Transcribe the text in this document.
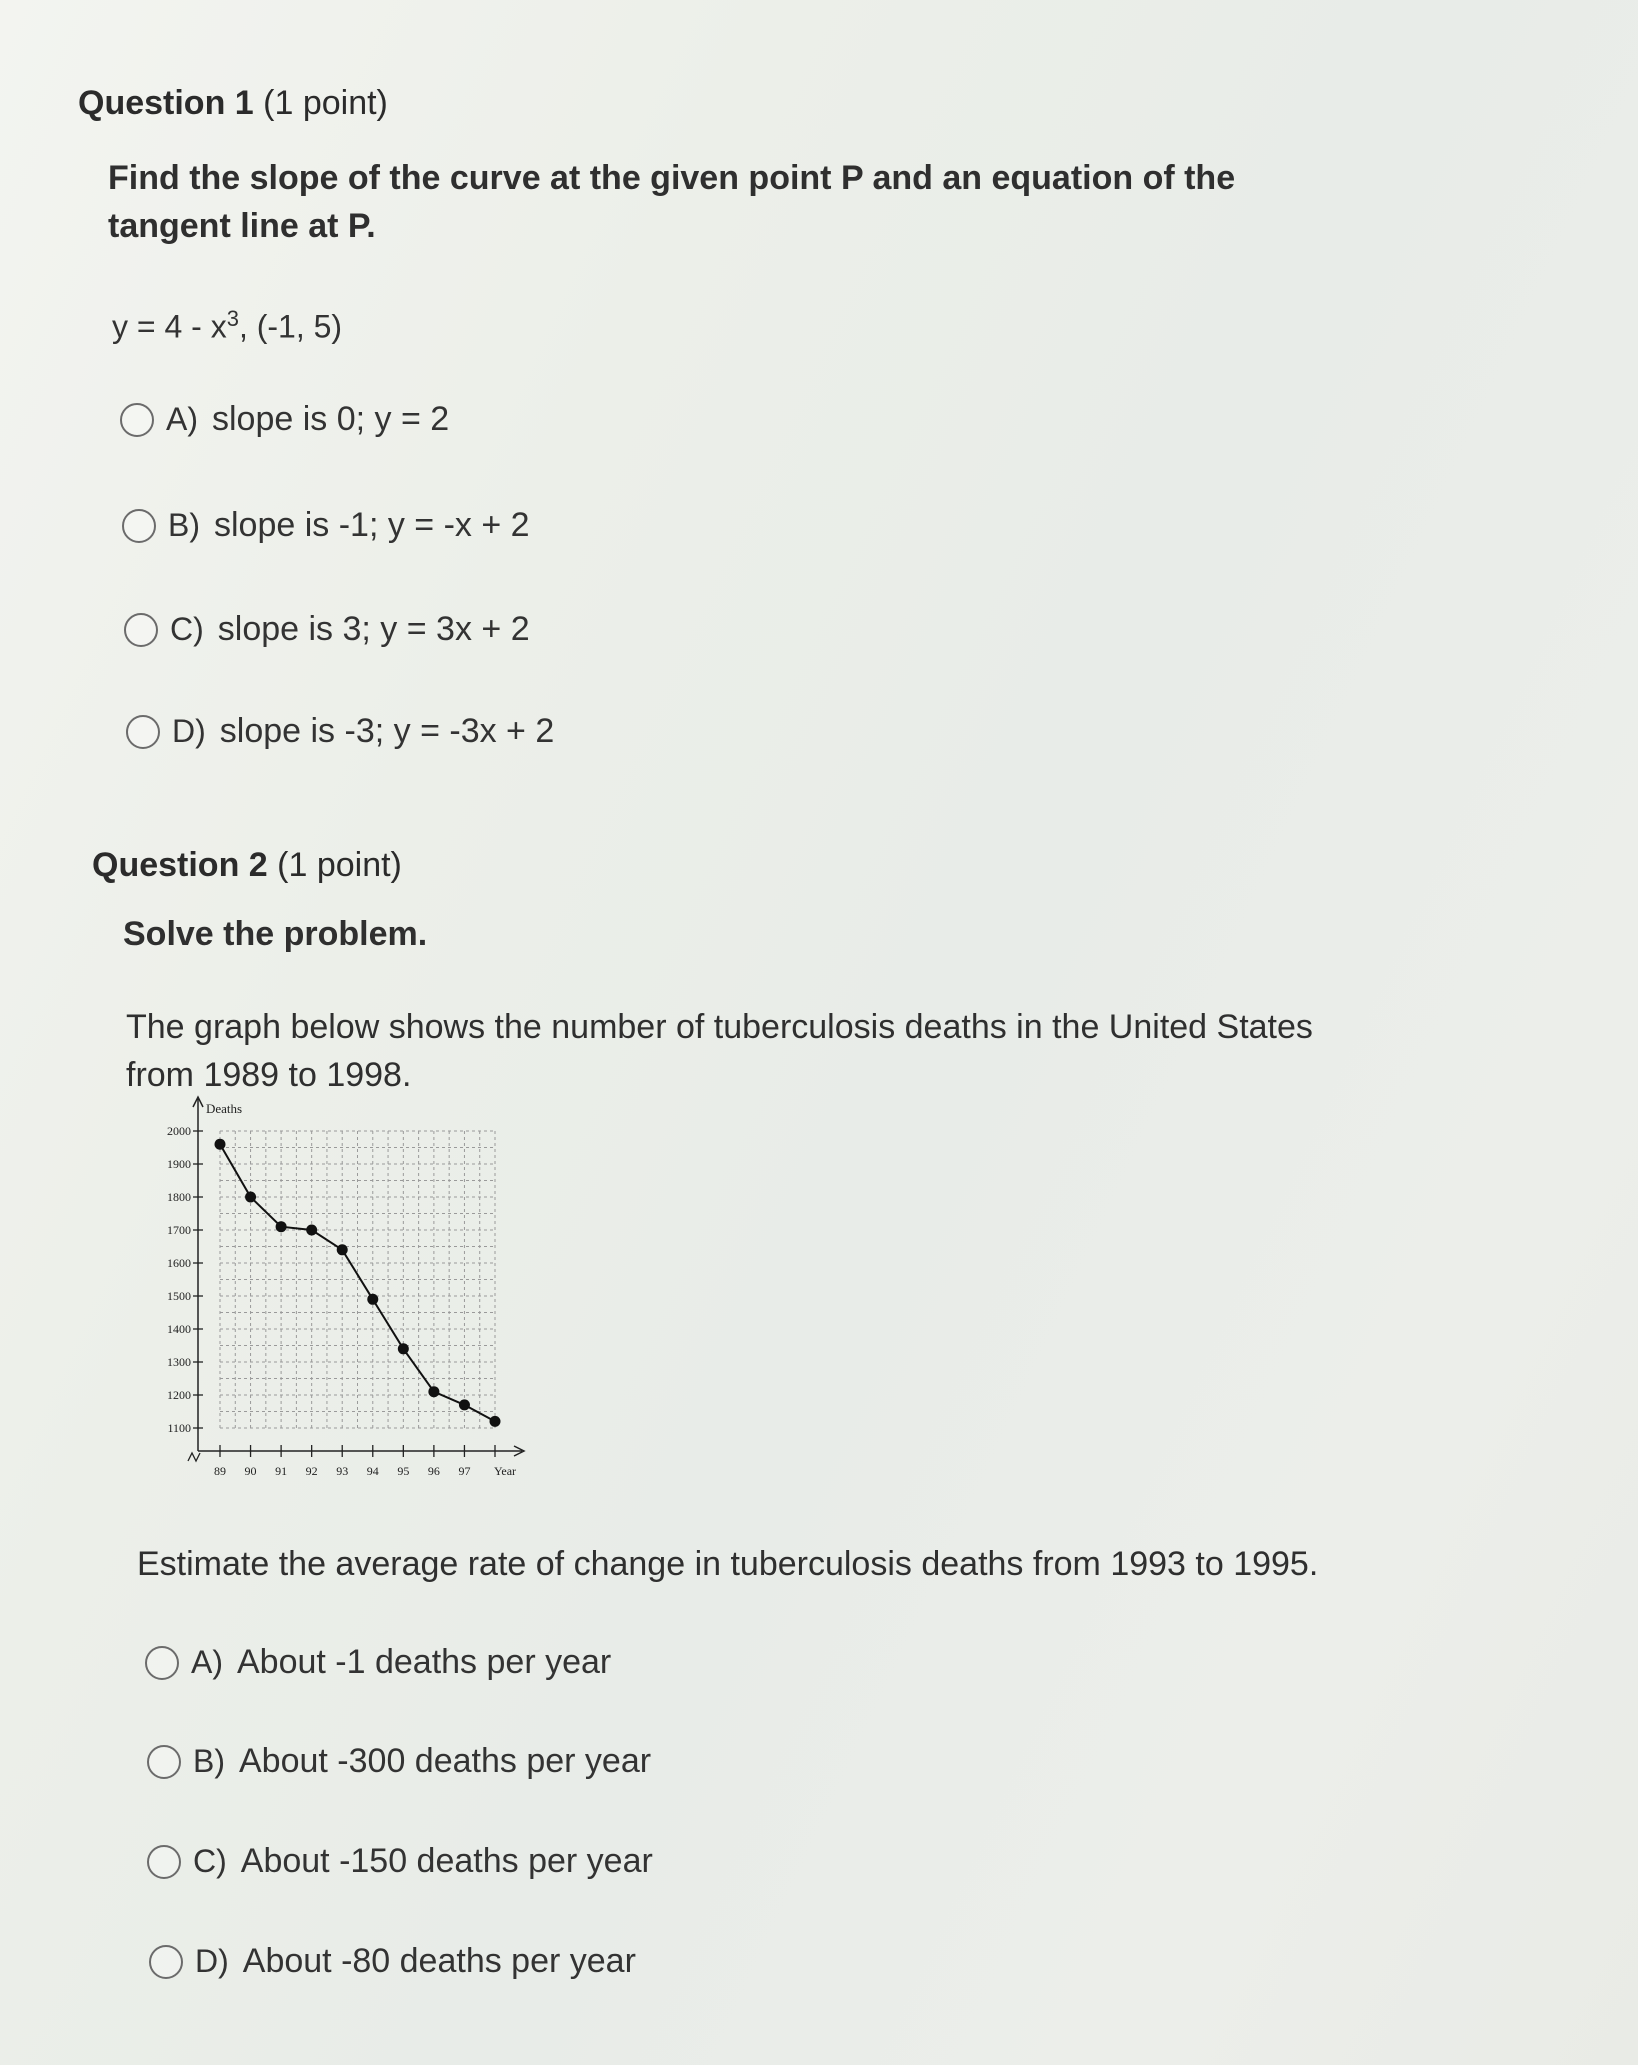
Question 1 (1 point)
Find the slope of the curve at the given point P and an equation of the tangent line at P.
$y = 4 - x^3$, (-1, 5)
A) slope is 0; y = 2
B) slope is -1; y = -x + 2
C) slope is 3; y = 3x + 2
D) slope is -3; y = -3x + 2
Question 2 (1 point)
Solve the problem.
The graph below shows the number of tuberculosis deaths in the United States from 1989 to 1998.
2000
1900
1800
1700
1600
1500
1400
1300
1200
1100
Deaths
89 90 91 92 93 94 95 96 97 Year
Estimate the average rate of change in tuberculosis deaths from 1993 to 1995.
A) About -1 deaths per year
B) About -300 deaths per year
C) About -150 deaths per year
D) About -80 deaths per year
